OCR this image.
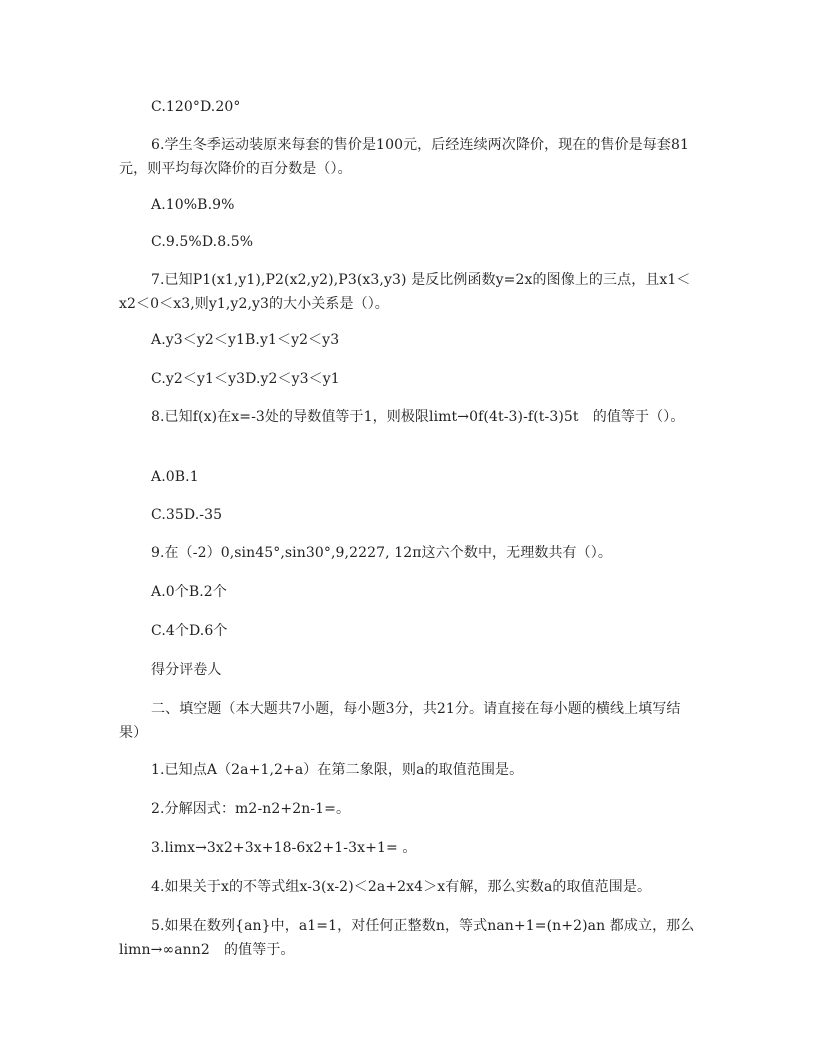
C.120°D.20°

6.学生冬季运动装原来每套的售价是100元，后经连续两次降价，现在的售价是每套81元，则平均每次降价的百分数是（）。

A.10%B.9%

C.9.5%D.8.5%

7.已知P1(x1,y1),P2(x2,y2),P3(x3,y3) 是反比例函数y=2x的图像上的三点，且x1＜x2＜0＜x3,则y1,y2,y3的大小关系是（）。

A.y3＜y2＜y1B.y1＜y2＜y3

C.y2＜y1＜y3D.y2＜y3＜y1

8.已知f(x)在x=-3处的导数值等于1，则极限limt→0f(4t-3)-f(t-3)5t　的值等于（）。

A.0B.1

C.35D.-35

9.在（-2）0,sin45°,sin30°,9,2227, 12π这六个数中，无理数共有（）。

A.0个B.2个

C.4个D.6个

得分评卷人

二、填空题（本大题共7小题，每小题3分，共21分。请直接在每小题的横线上填写结果）

1.已知点A（2a+1,2+a）在第二象限，则a的取值范围是。

2.分解因式：m2-n2+2n-1=。

3.limx→3x2+3x+18-6x2+1-3x+1= 。

4.如果关于x的不等式组x-3(x-2)＜2a+2x4＞x有解，那么实数a的取值范围是。

5.如果在数列{an}中，a1=1，对任何正整数n，等式nan+1=(n+2)an 都成立，那么limn→∞ann2　的值等于。
